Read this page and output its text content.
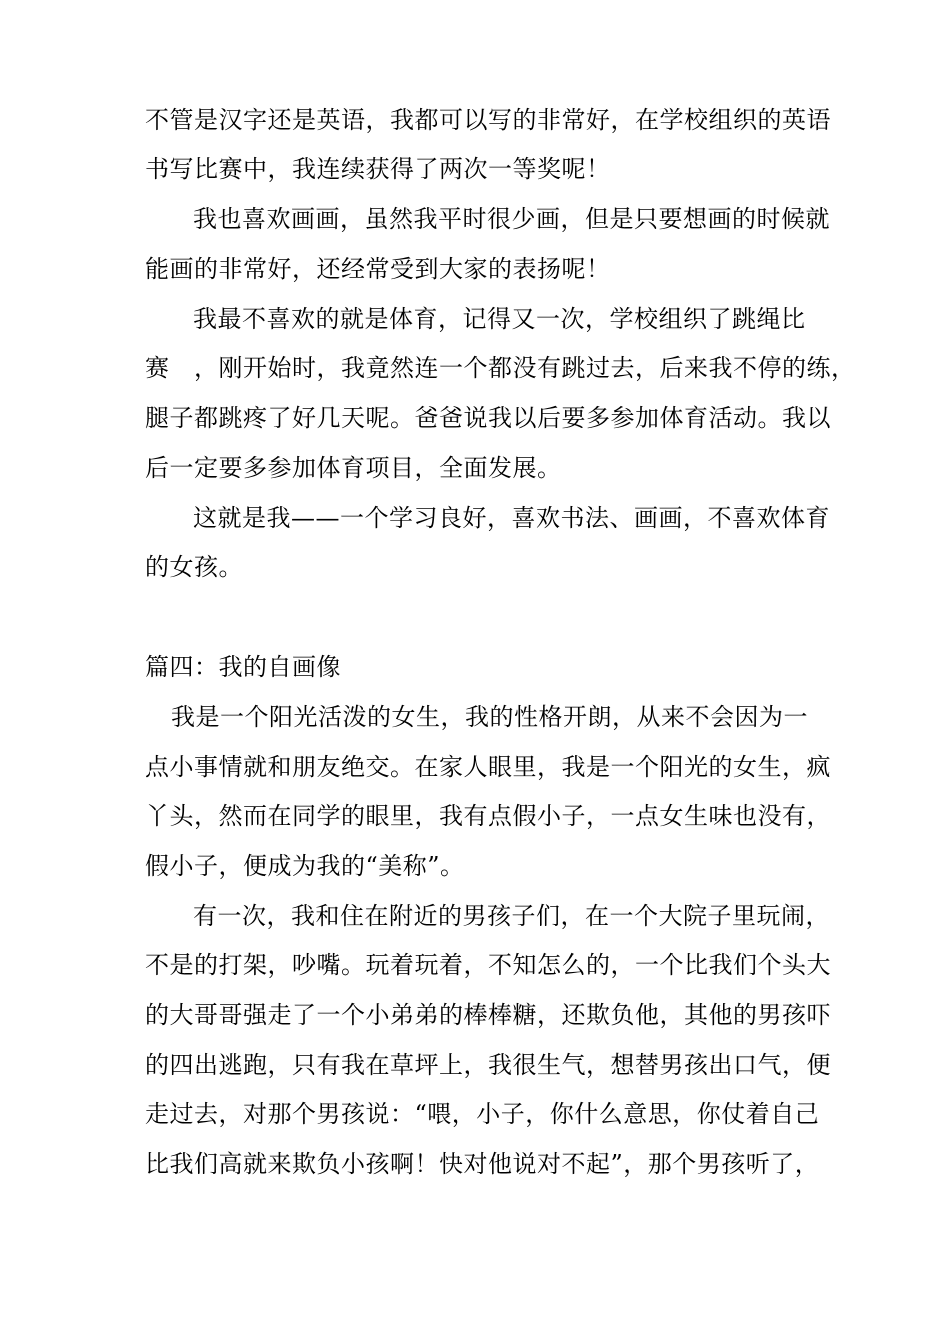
不管是汉字还是英语，我都可以写的非常好，在学校组织的英语
书写比赛中，我连续获得了两次一等奖呢！
我也喜欢画画，虽然我平时很少画，但是只要想画的时候就
能画的非常好，还经常受到大家的表扬呢！
我最不喜欢的就是体育，记得又一次，学校组织了跳绳比
赛　，刚开始时，我竟然连一个都没有跳过去，后来我不停的练，
腿子都跳疼了好几天呢。爸爸说我以后要多参加体育活动。我以
后一定要多参加体育项目，全面发展。
这就是我——一个学习良好，喜欢书法、画画，不喜欢体育
的女孩。
篇四：我的自画像
我是一个阳光活泼的女生，我的性格开朗，从来不会因为一
点小事情就和朋友绝交。在家人眼里，我是一个阳光的女生，疯
丫头，然而在同学的眼里，我有点假小子，一点女生味也没有，
假小子，便成为我的“美称”。
有一次，我和住在附近的男孩子们，在一个大院子里玩闹，
不是的打架，吵嘴。玩着玩着，不知怎么的，一个比我们个头大
的大哥哥强走了一个小弟弟的棒棒糖，还欺负他，其他的男孩吓
的四出逃跑，只有我在草坪上，我很生气，想替男孩出口气，便
走过去，对那个男孩说：“喂，小子，你什么意思，你仗着自己
比我们高就来欺负小孩啊！快对他说对不起”，那个男孩听了，
